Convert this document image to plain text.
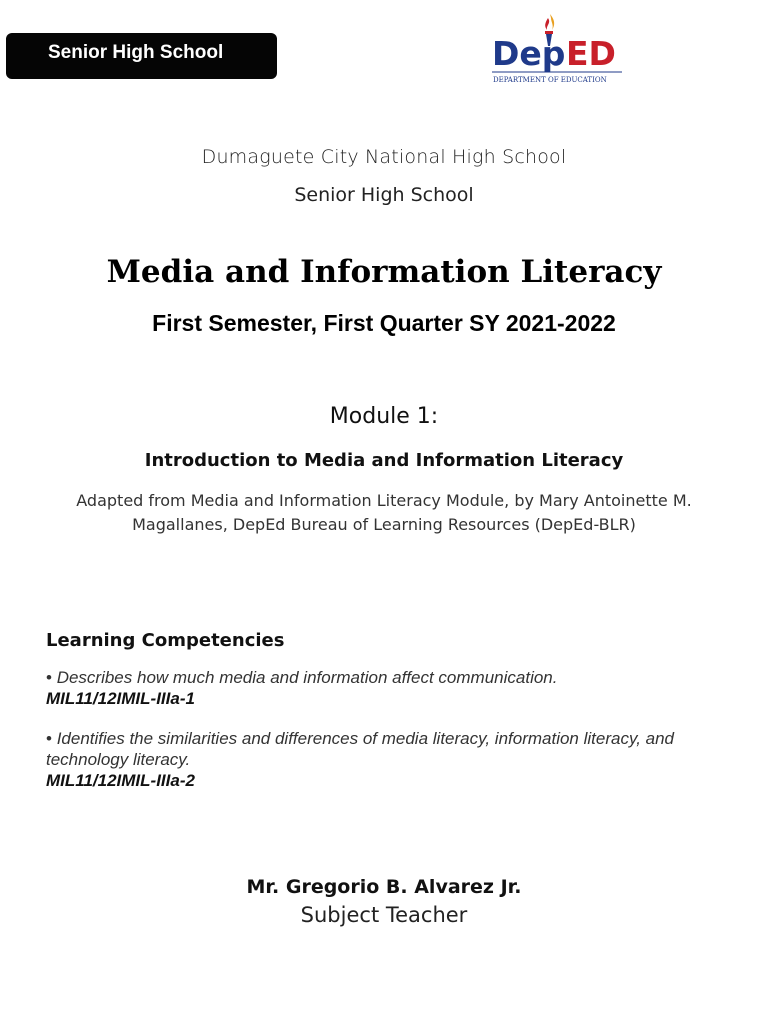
Senior High School	Dep ED
DEPARTMENT OF EDUCATION
Dumaguete City National High School
Senior High School
Media and Information Literacy
First Semester, First Quarter SY 2021-2022
Module 1:
Introduction to Media and Information Literacy
Adapted from Media and Information Literacy Module, by Mary Antoinette M. Magallanes, DepEd Bureau of Learning Resources (DepEd-BLR)
Learning Competencies
• Describes how much media and information affect communication.
MIL11/12IMIL-IIIa-1
• Identifies the similarities and differences of media literacy, information literacy, and technology literacy.
MIL11/12IMIL-IIIa-2
Mr. Gregorio B. Alvarez Jr.
Subject Teacher
